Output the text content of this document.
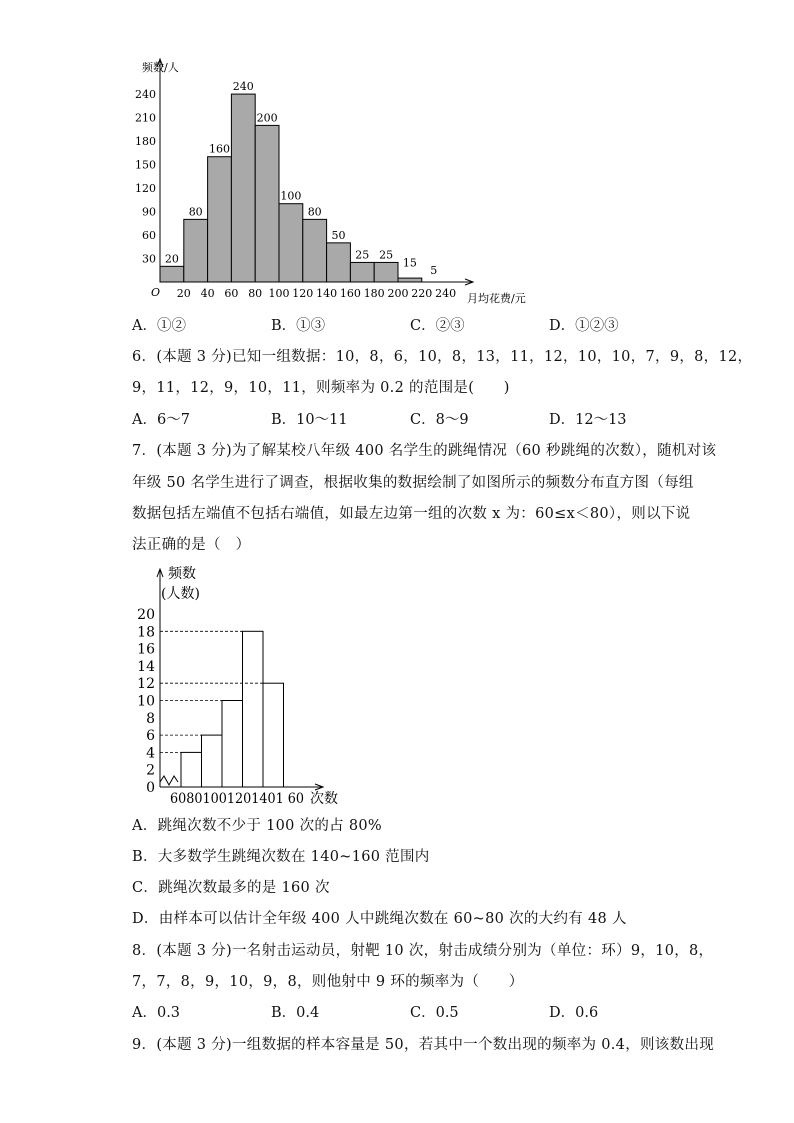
240
210
180
150
120
90
60
30
20 40 60 80 100 120 140 160 180 200 220 240
20
80
160
240
200
100
80
50
25 25
15
5
频数/人
月均花费/元
O
A．①②	B．①③	C．②③	D．①②③
6．(本题 3 分)已知一组数据：10，8，6，10，8，13，11，12，10，10，7，9，8，12，
9，11，12，9，10，11，则频率为 0.2 的范围是(　　)
A．6～7	B．10～11	C．8～9	D．12～13
7．(本题 3 分)为了解某校八年级 400 名学生的跳绳情况（60 秒跳绳的次数），随机对该
年级 50 名学生进行了调查，根据收集的数据绘制了如图所示的频数分布直方图（每组
数据包括左端值不包括右端值，如最左边第一组的次数 x 为：60≤x＜80），则以下说
法正确的是（　）
20
18
16
14
12
10
8
6
4
2
0
频数
(人数)
60801001201401 60 次数
A．跳绳次数不少于 100 次的占 80%
B．大多数学生跳绳次数在 140~160 范围内
C．跳绳次数最多的是 160 次
D．由样本可以估计全年级 400 人中跳绳次数在 60~80 次的大约有 48 人
8．(本题 3 分)一名射击运动员，射靶 10 次，射击成绩分别为（单位：环）9，10，8，
7，7，8，9，10，9，8，则他射中 9 环的频率为（　　）
A．0.3	B．0.4	C．0.5	D．0.6
9．(本题 3 分)一组数据的样本容量是 50，若其中一个数出现的频率为 0.4，则该数出现
